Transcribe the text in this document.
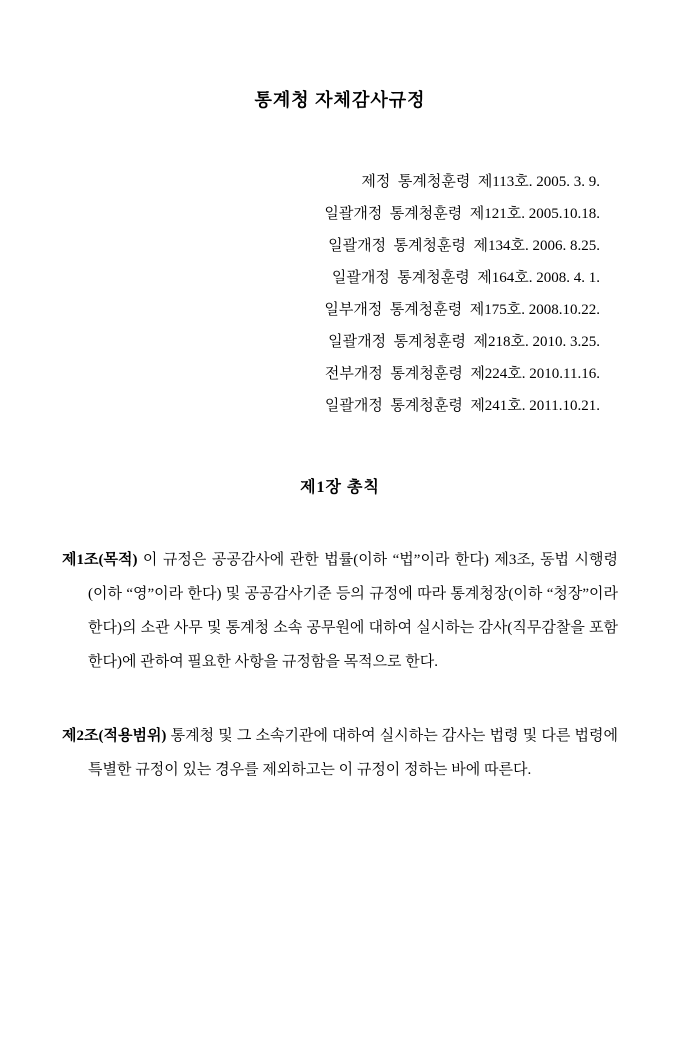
통계청 자체감사규정
제정  통계청훈령  제113호. 2005. 3. 9.
일괄개정  통계청훈령  제121호. 2005.10.18.
일괄개정  통계청훈령  제134호. 2006. 8.25.
일괄개정  통계청훈령  제164호. 2008. 4. 1.
일부개정  통계청훈령  제175호. 2008.10.22.
일괄개정  통계청훈령  제218호. 2010. 3.25.
전부개정  통계청훈령  제224호. 2010.11.16.
일괄개정  통계청훈령  제241호. 2011.10.21.
제1장 총칙

제1조(목적) 이 규정은 공공감사에 관한 법률(이하 “법”이라 한다) 제3조, 동법 시행령(이하 “영”이라 한다) 및 공공감사기준 등의 규정에 따라 통계청장(이하 “청장”이라 한다)의 소관 사무 및 통계청 소속 공무원에 대하여 실시하는 감사(직무감찰을 포함한다)에 관하여 필요한 사항을 규정함을 목적으로 한다.

제2조(적용범위) 통계청 및 그 소속기관에 대하여 실시하는 감사는 법령 및 다른 법령에 특별한 규정이 있는 경우를 제외하고는 이 규정이 정하는 바에 따른다.
